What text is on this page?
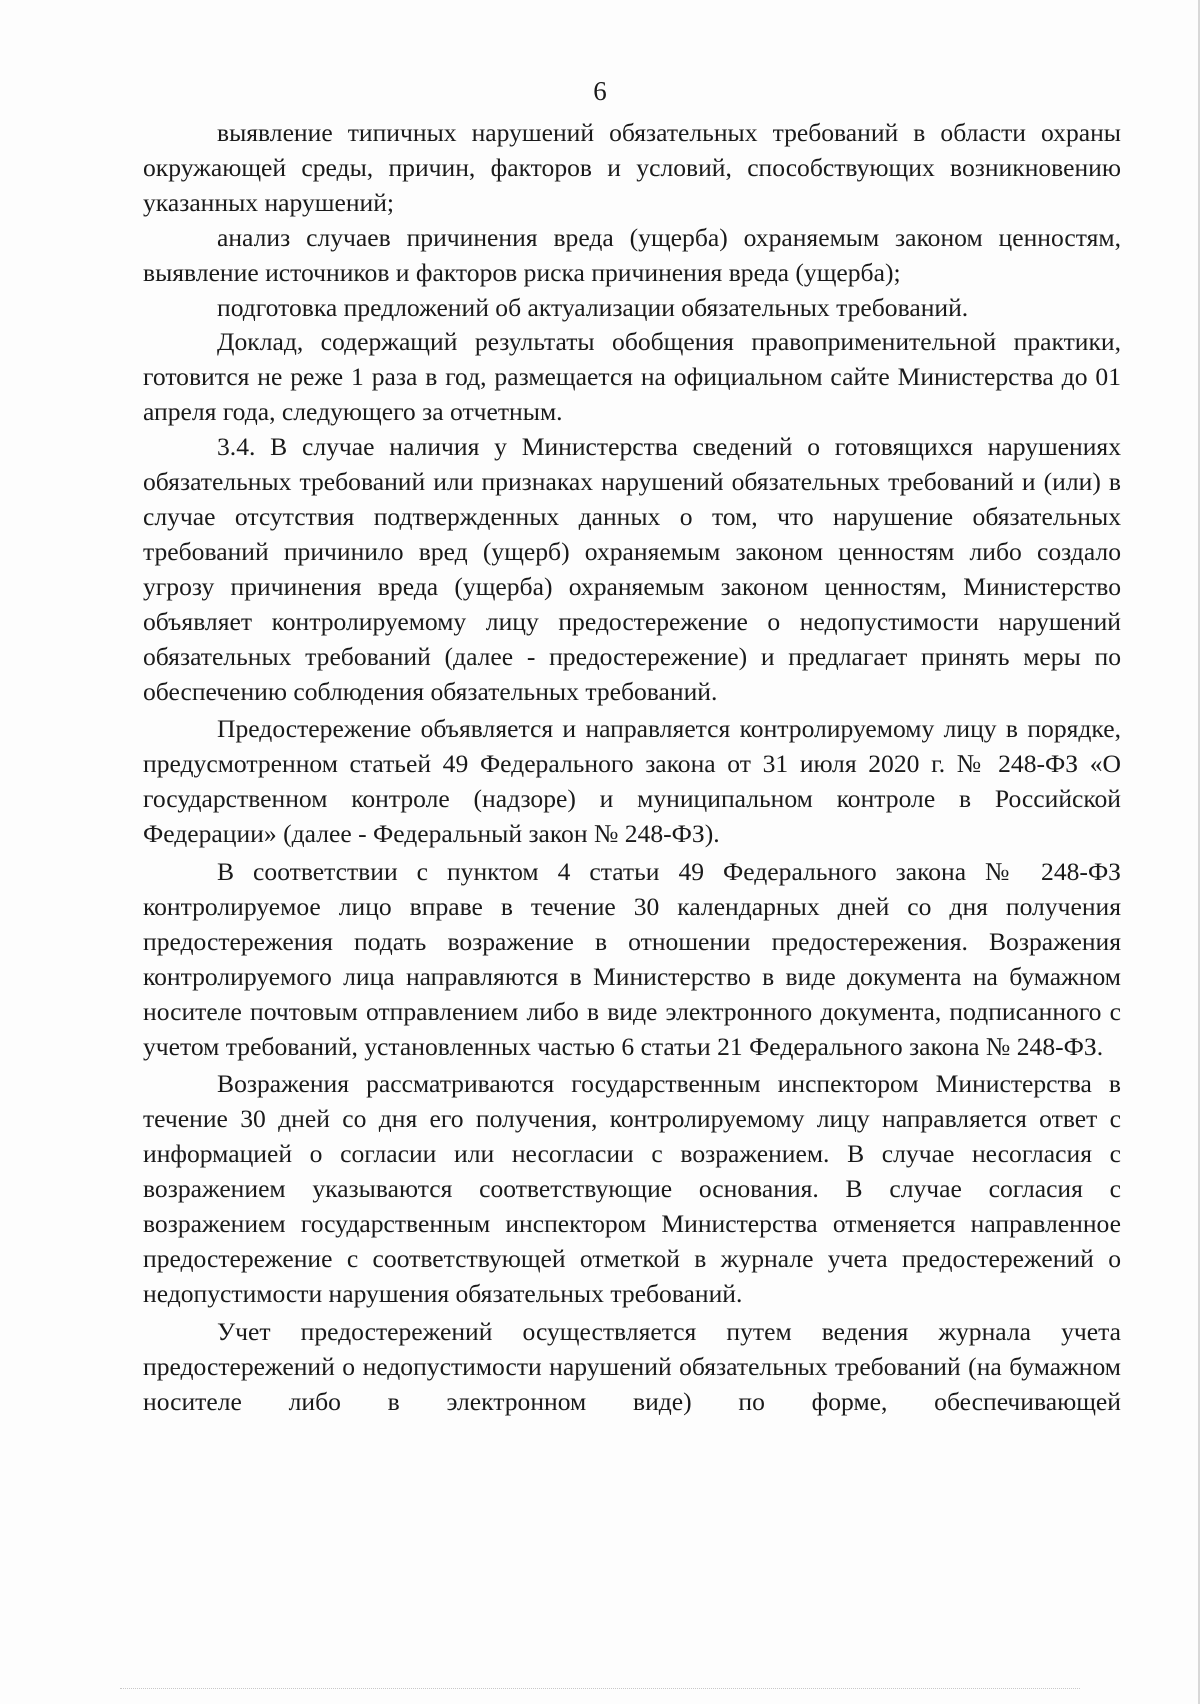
6

выявление типичных нарушений обязательных требований в области охраны окружающей среды, причин, факторов и условий, способствующих возникновению указанных нарушений;

анализ случаев причинения вреда (ущерба) охраняемым законом ценностям, выявление источников и факторов риска причинения вреда (ущерба);

подготовка предложений об актуализации обязательных требований.

Доклад, содержащий результаты обобщения правоприменительной практики, готовится не реже 1 раза в год, размещается на официальном сайте Министерства до 01 апреля года, следующего за отчетным.

3.4. В случае наличия у Министерства сведений о готовящихся нарушениях обязательных требований или признаках нарушений обязательных требований и (или) в случае отсутствия подтвержденных данных о том, что нарушение обязательных требований причинило вред (ущерб) охраняемым законом ценностям либо создало угрозу причинения вреда (ущерба) охраняемым законом ценностям, Министерство объявляет контролируемому лицу предостережение о недопустимости нарушений обязательных требований (далее - предостережение) и предлагает принять меры по обеспечению соблюдения обязательных требований.

Предостережение объявляется и направляется контролируемому лицу в порядке, предусмотренном статьей 49 Федерального закона от 31 июля 2020 г. № 248-ФЗ «О государственном контроле (надзоре) и муниципальном контроле в Российской Федерации» (далее - Федеральный закон № 248-ФЗ).

В соответствии с пунктом 4 статьи 49 Федерального закона № 248-ФЗ контролируемое лицо вправе в течение 30 календарных дней со дня получения предостережения подать возражение в отношении предостережения. Возражения контролируемого лица направляются в Министерство в виде документа на бумажном носителе почтовым отправлением либо в виде электронного документа, подписанного с учетом требований, установленных частью 6 статьи 21 Федерального закона № 248-ФЗ.

Возражения рассматриваются государственным инспектором Министерства в течение 30 дней со дня его получения, контролируемому лицу направляется ответ с информацией о согласии или несогласии с возражением. В случае несогласия с возражением указываются соответствующие основания. В случае согласия с возражением государственным инспектором Министерства отменяется направленное предостережение с соответствующей отметкой в журнале учета предостережений о недопустимости нарушения обязательных требований.

Учет предостережений осуществляется путем ведения журнала учета предостережений о недопустимости нарушений обязательных требований (на бумажном носителе либо в электронном виде) по форме, обеспечивающей
